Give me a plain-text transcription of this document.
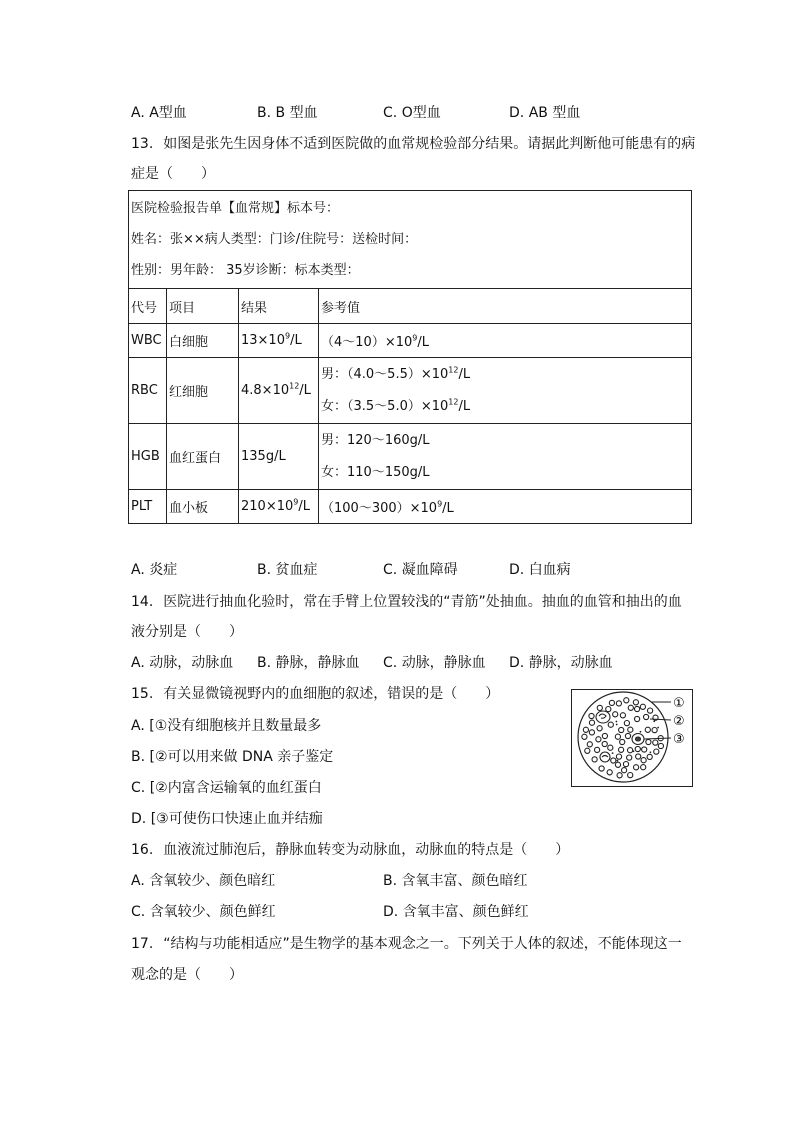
A. A型血	B. B 型血	C. O型血	D. AB 型血
13. 如图是张先生因身体不适到医院做的血常规检验部分结果。请据此判断他可能患有的病
症是（　　）
医院检验报告单【血常规】标本号：
姓名：张××病人类型：门诊/住院号：送检时间：
性别：男年龄： 35岁诊断：标本类型：			

代号	项目	结果	参考值
WBC	白细胞	$13\times 10^9/L$	$(4\sim 10)\times 10^9/L$
RBC	红细胞	$4.8\times 10^{12}/L$	男：$(4.0\sim 5.5)\times 10^{12}/L$
女：$(3.5\sim 5.0)\times 10^{12}/L$

HGB	血红蛋白	135g/L	男：120～160g/L
女：110～150g/L

PLT	血小板	$210\times 10^9/L$	$(100\sim 300)\times 10^9/L$
A. 炎症	B. 贫血症	C. 凝血障碍	D. 白血病
14. 医院进行抽血化验时，常在手臂上位置较浅的“青筋”处抽血。抽血的血管和抽出的血
液分别是（　　）
A. 动脉，动脉血 B. 静脉，静脉血 C. 动脉，静脉血 D. 静脉，动脉血
15. 有关显微镜视野内的血细胞的叙述，错误的是（　　）
A. [①没有细胞核并且数量最多
B. [②可以用来做 DNA 亲子鉴定
C. [②内富含运输氧的血红蛋白
D. [③可使伤口快速止血并结痂
①
②
③
16. 血液流过肺泡后，静脉血转变为动脉血，动脉血的特点是（　　）
A. 含氧较少、颜色暗红	B. 含氧丰富、颜色暗红
C. 含氧较少、颜色鲜红	D. 含氧丰富、颜色鲜红
17. “结构与功能相适应”是生物学的基本观念之一。下列关于人体的叙述，不能体现这一
观念的是（　　）
